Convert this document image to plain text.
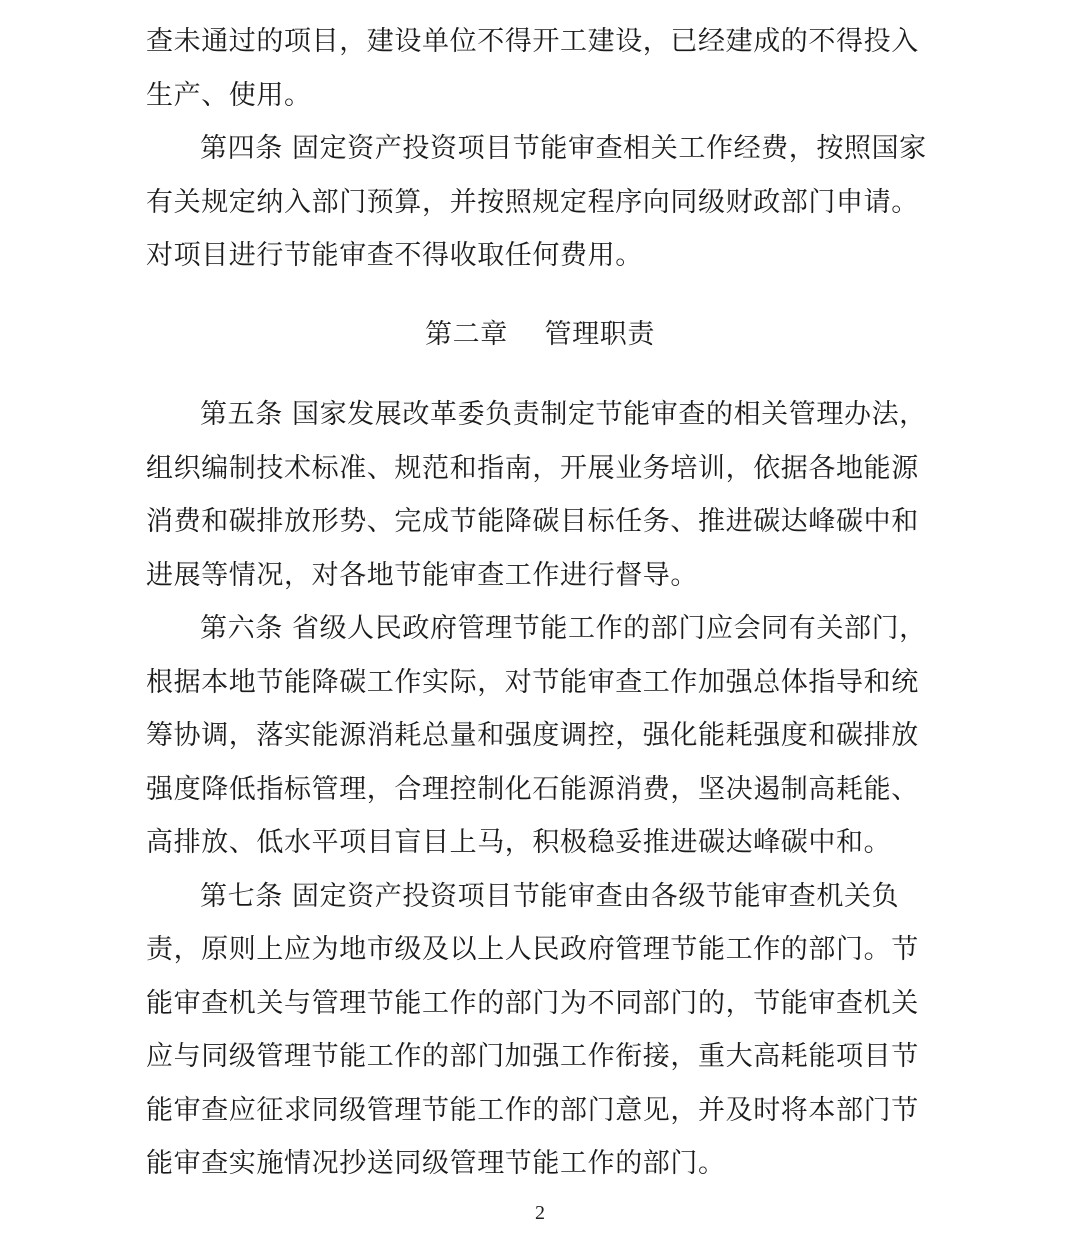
查未通过的项目，建设单位不得开工建设，已经建成的不得投入
生产、使用。
第四条 固定资产投资项目节能审查相关工作经费，按照国家
有关规定纳入部门预算，并按照规定程序向同级财政部门申请。
对项目进行节能审查不得收取任何费用。
第二章    管理职责
第五条 国家发展改革委负责制定节能审查的相关管理办法，
组织编制技术标准、规范和指南，开展业务培训，依据各地能源
消费和碳排放形势、完成节能降碳目标任务、推进碳达峰碳中和
进展等情况，对各地节能审查工作进行督导。
第六条 省级人民政府管理节能工作的部门应会同有关部门，
根据本地节能降碳工作实际，对节能审查工作加强总体指导和统
筹协调，落实能源消耗总量和强度调控，强化能耗强度和碳排放
强度降低指标管理，合理控制化石能源消费，坚决遏制高耗能、
高排放、低水平项目盲目上马，积极稳妥推进碳达峰碳中和。
第七条 固定资产投资项目节能审查由各级节能审查机关负
责，原则上应为地市级及以上人民政府管理节能工作的部门。节
能审查机关与管理节能工作的部门为不同部门的，节能审查机关
应与同级管理节能工作的部门加强工作衔接，重大高耗能项目节
能审查应征求同级管理节能工作的部门意见，并及时将本部门节
能审查实施情况抄送同级管理节能工作的部门。
2
